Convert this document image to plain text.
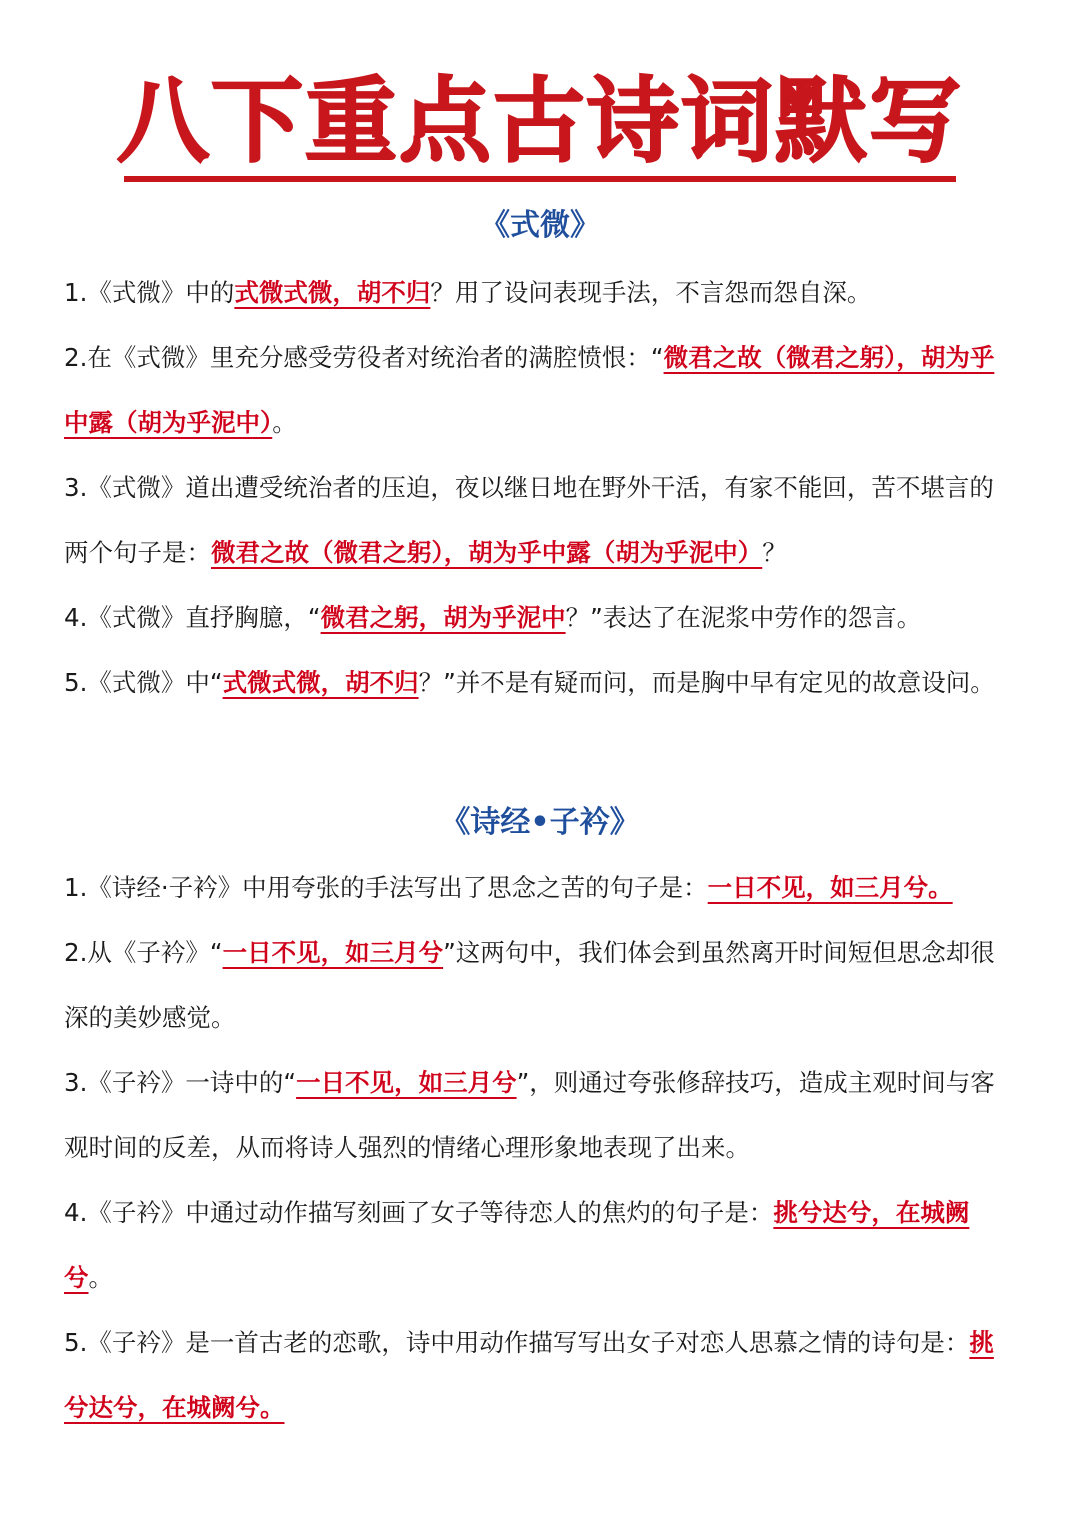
八下重点古诗词默写
《式微》
1.《式微》中的式微式微，胡不归？用了设问表现手法，不言怨而怨自深。
2.在《式微》里充分感受劳役者对统治者的满腔愤恨：“微君之故（微君之躬），胡为乎中露（胡为乎泥中）。
3.《式微》道出遭受统治者的压迫，夜以继日地在野外干活，有家不能回，苦不堪言的两个句子是：微君之故（微君之躬），胡为乎中露（胡为乎泥中）？
4.《式微》直抒胸臆，“微君之躬，胡为乎泥中？”表达了在泥浆中劳作的怨言。
5.《式微》中“式微式微，胡不归？”并不是有疑而问，而是胸中早有定见的故意设问。
《诗经•子衿》
1.《诗经·子衿》中用夸张的手法写出了思念之苦的句子是：一日不见，如三月兮。
2.从《子衿》“一日不见，如三月兮”这两句中，我们体会到虽然离开时间短但思念却很深的美妙感觉。
3.《子衿》一诗中的“一日不见，如三月兮”，则通过夸张修辞技巧，造成主观时间与客观时间的反差，从而将诗人强烈的情绪心理形象地表现了出来。
4.《子衿》中通过动作描写刻画了女子等待恋人的焦灼的句子是：挑兮达兮，在城阙兮。
5.《子衿》是一首古老的恋歌，诗中用动作描写写出女子对恋人思慕之情的诗句是：挑兮达兮，在城阙兮。
